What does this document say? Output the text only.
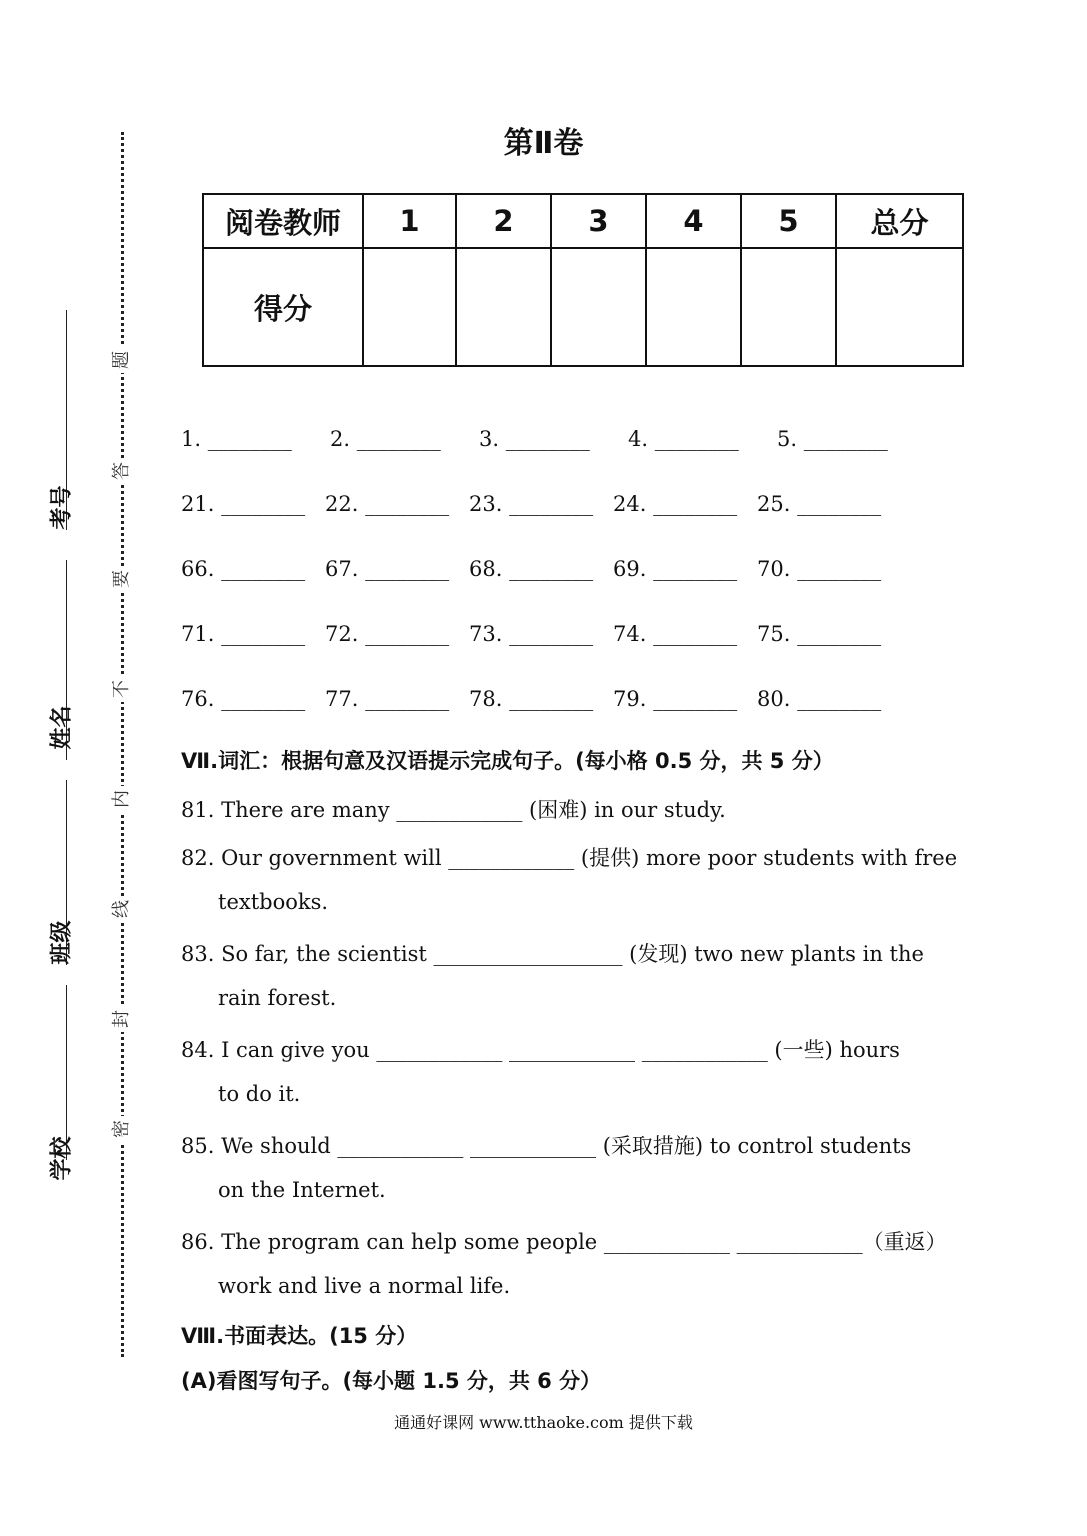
考号
姓名
班级
学校
题
答
要
不
内
线
封
密
第Ⅱ卷
阅卷教师	1	2	3	4	5	总分
得分						
1. ________ 2. ________ 3. ________ 4. ________ 5. ________
21. ________ 22. ________ 23. ________ 24. ________ 25. ________
66. ________ 67. ________ 68. ________ 69. ________ 70. ________
71. ________ 72. ________ 73. ________ 74. ________ 75. ________
76. ________ 77. ________ 78. ________ 79. ________ 80. ________
Ⅶ.词汇：根据句意及汉语提示完成句子。(每小格 0.5 分，共 5 分）
81. There are many ____________ (困难) in our study.
82. Our government will ____________ (提供) more poor students with free
textbooks.
83. So far, the scientist __________________ (发现) two new plants in the
rain forest.
84. I can give you ____________ ____________ ____________ (一些) hours
to do it.
85. We should ____________ ____________ (采取措施) to control students
on the Internet.
86. The program can help some people ____________ ____________（重返）
work and live a normal life.
Ⅷ.书面表达。(15 分）
(A)看图写句子。(每小题 1.5 分，共 6 分）
通通好课网 www.tthaoke.com 提供下载
